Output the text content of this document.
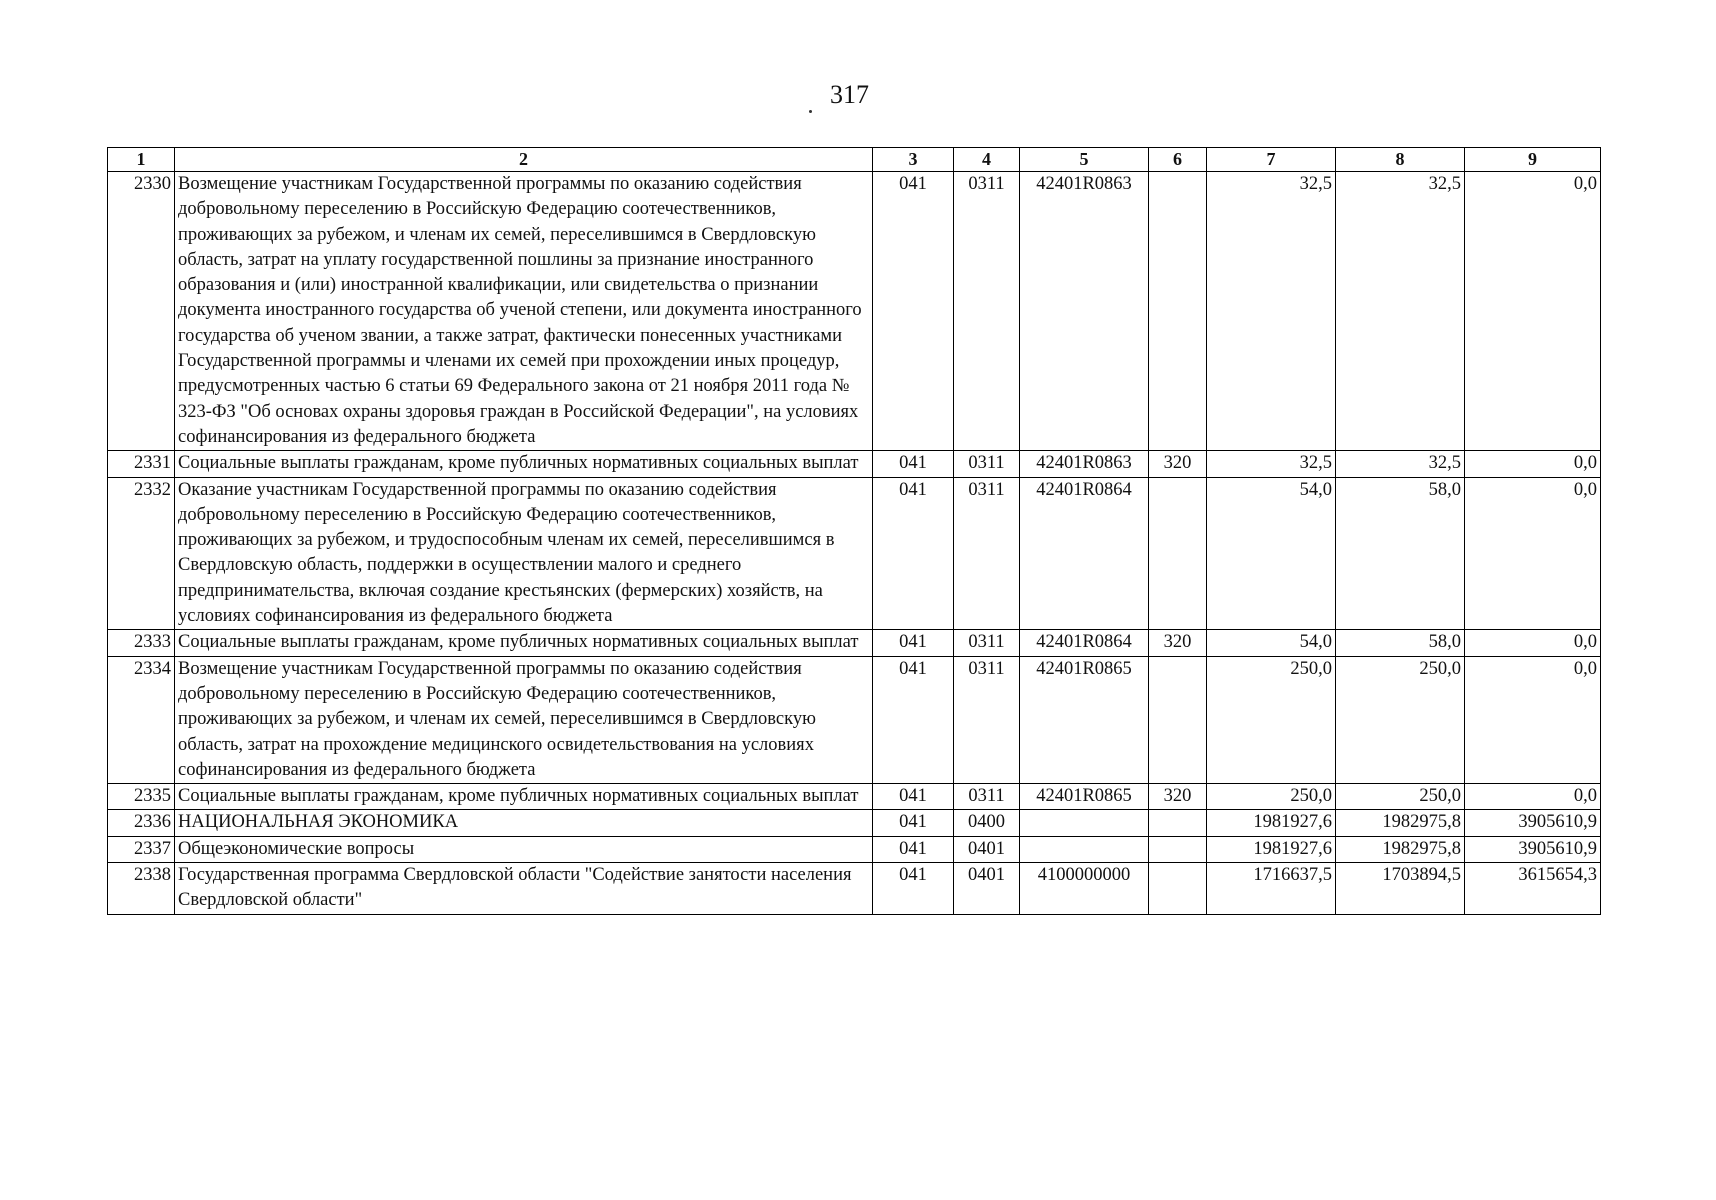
317
1	2	3	4	5	6	7	8	9
2330	Возмещение участникам Государственной программы по оказанию содействия добровольному переселению в Российскую Федерацию соотечественников, проживающих за рубежом, и членам их семей, переселившимся в Свердловскую область, затрат на уплату государственной пошлины за признание иностранного образования и (или) иностранной квалификации, или свидетельства о признании документа иностранного государства об ученой степени, или документа иностранного государства об ученом звании, а также затрат, фактически понесенных участниками Государственной программы и членами их семей при прохождении иных процедур, предусмотренных частью 6 статьи 69 Федерального закона от 21 ноября 2011 года № 323-ФЗ "Об основах охраны здоровья граждан в Российской Федерации", на условиях софинансирования из федерального бюджета	041	0311	42401R0863		32,5	32,5	0,0
2331	Социальные выплаты гражданам, кроме публичных нормативных социальных выплат	041	0311	42401R0863	320	32,5	32,5	0,0
2332	Оказание участникам Государственной программы по оказанию содействия добровольному переселению в Российскую Федерацию соотечественников, проживающих за рубежом, и трудоспособным членам их семей, переселившимся в Свердловскую область, поддержки в осуществлении малого и среднего предпринимательства, включая создание крестьянских (фермерских) хозяйств, на условиях софинансирования из федерального бюджета	041	0311	42401R0864		54,0	58,0	0,0
2333	Социальные выплаты гражданам, кроме публичных нормативных социальных выплат	041	0311	42401R0864	320	54,0	58,0	0,0
2334	Возмещение участникам Государственной программы по оказанию содействия добровольному переселению в Российскую Федерацию соотечественников, проживающих за рубежом, и членам их семей, переселившимся в Свердловскую область, затрат на прохождение медицинского освидетельствования на условиях софинансирования из федерального бюджета	041	0311	42401R0865		250,0	250,0	0,0
2335	Социальные выплаты гражданам, кроме публичных нормативных социальных выплат	041	0311	42401R0865	320	250,0	250,0	0,0
2336	НАЦИОНАЛЬНАЯ ЭКОНОМИКА	041	0400			1981927,6	1982975,8	3905610,9
2337	Общеэкономические вопросы	041	0401			1981927,6	1982975,8	3905610,9
2338	Государственная программа Свердловской области "Содействие занятости населения Свердловской области"	041	0401	4100000000		1716637,5	1703894,5	3615654,3
